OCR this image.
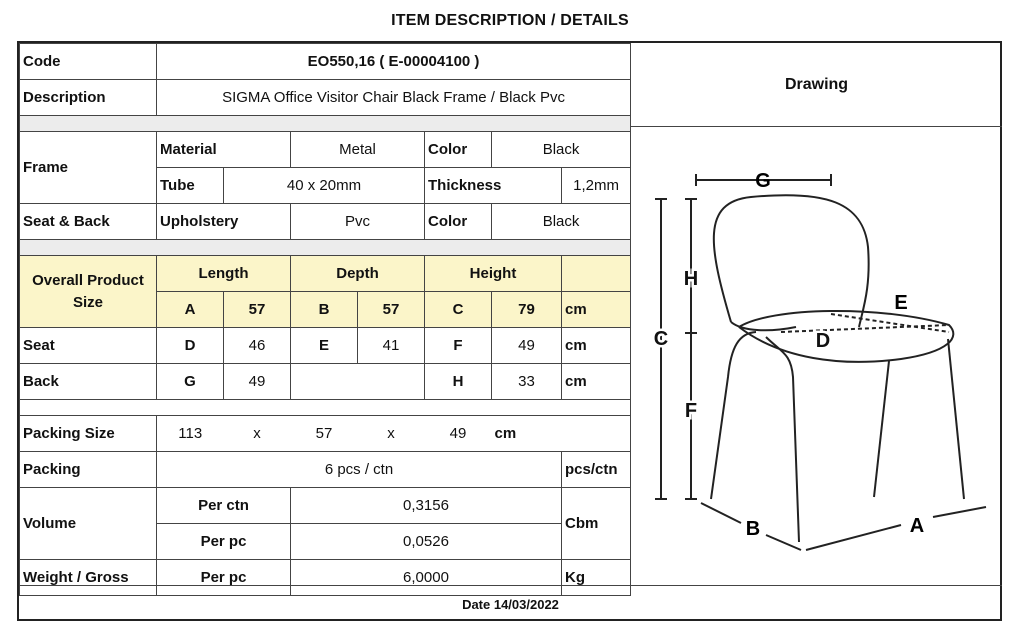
ITEM DESCRIPTION / DETAILS
Code	EO550,16 ( E-00004100 )						
Description	SIGMA Office Visitor Chair Black Frame / Black Pvc						

Frame	Material		Metal		Color	Black	
	Tube	40 x 20mm			Thickness		1,2mm
Seat & Back	Upholstery		Pvc		Color	Black	

Overall Product Size	Length		Depth		Height		
	A	57	B	57	C	79	cm
Seat	D	46	E	41	F	49	cm
Back	G	49			H	33	cm

Packing Size	113	x	57	x	49	cm	
Packing	6 pcs / ctn						pcs/ctn
Volume	Per ctn		0,3156				Cbm
	Per pc		0,0526				
Weight / Gross	Per pc		6,0000				Kg
Drawing
G
H
C
E
D
F
B	A
Date 14/03/2022
